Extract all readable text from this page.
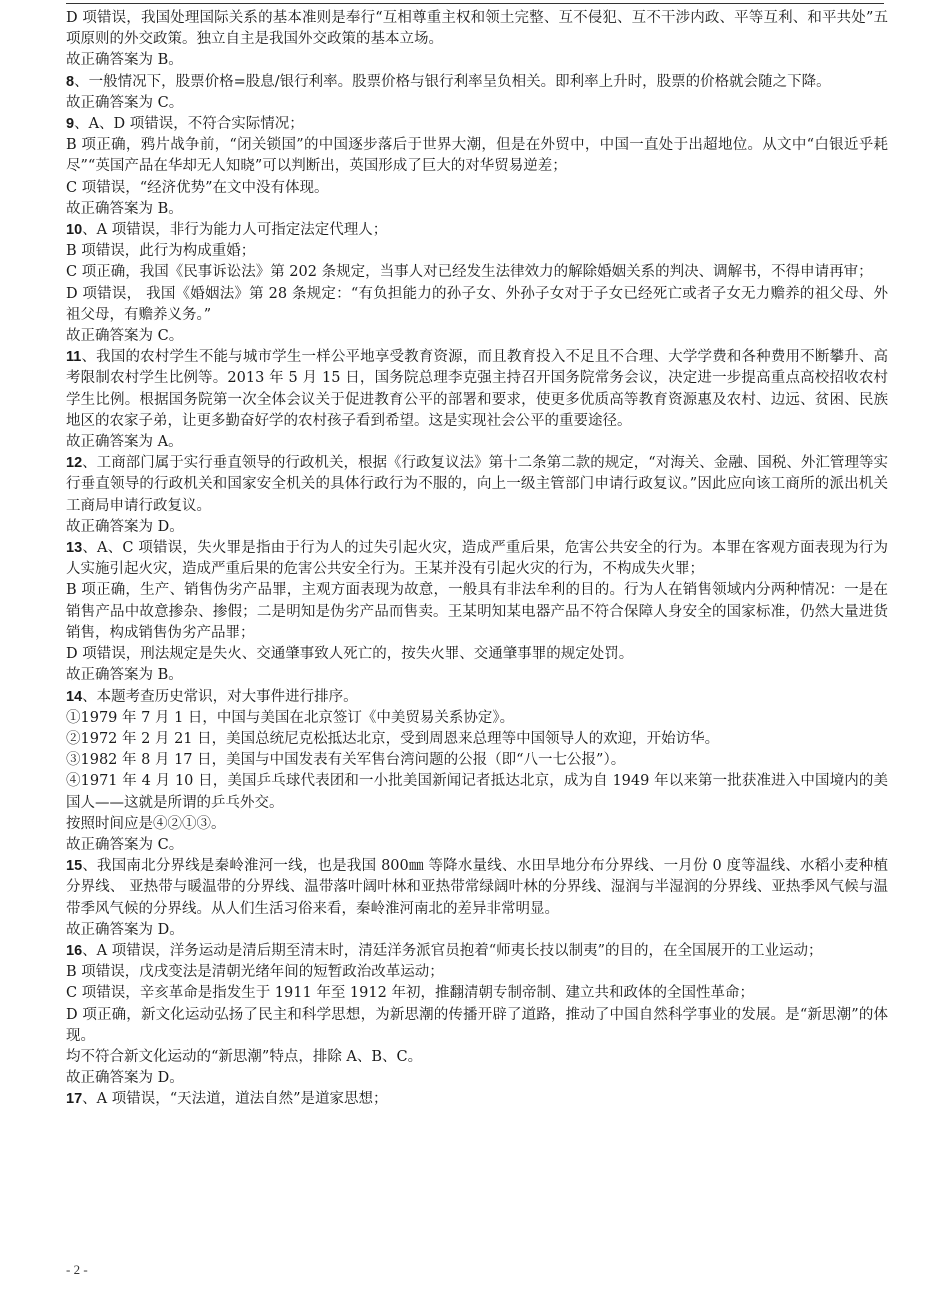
D 项错误，我国处理国际关系的基本准则是奉行“互相尊重主权和领土完整、互不侵犯、互不干涉内政、平等互利、和平共处”五项原则的外交政策。独立自主是我国外交政策的基本立场。

故正确答案为 B。

8、一般情况下，股票价格=股息/银行利率。股票价格与银行利率呈负相关。即利率上升时，股票的价格就会随之下降。

故正确答案为 C。

9、A、D 项错误，不符合实际情况；

B 项正确，鸦片战争前，“闭关锁国”的中国逐步落后于世界大潮，但是在外贸中，中国一直处于出超地位。从文中“白银近乎耗尽”“英国产品在华却无人知晓”可以判断出，英国形成了巨大的对华贸易逆差；

C 项错误，“经济优势”在文中没有体现。

故正确答案为 B。

10、A 项错误，非行为能力人可指定法定代理人；

B 项错误，此行为构成重婚；

C 项正确，我国《民事诉讼法》第 202 条规定，当事人对已经发生法律效力的解除婚姻关系的判决、调解书，不得申请再审；

D 项错误， 我国《婚姻法》第 28 条规定：“有负担能力的孙子女、外孙子女对于子女已经死亡或者子女无力赡养的祖父母、外祖父母，有赡养义务。”

故正确答案为 C。

11、我国的农村学生不能与城市学生一样公平地享受教育资源，而且教育投入不足且不合理、大学学费和各种费用不断攀升、高考限制农村学生比例等。2013 年 5 月 15 日，国务院总理李克强主持召开国务院常务会议，决定进一步提高重点高校招收农村学生比例。根据国务院第一次全体会议关于促进教育公平的部署和要求，使更多优质高等教育资源惠及农村、边远、贫困、民族地区的农家子弟，让更多勤奋好学的农村孩子看到希望。这是实现社会公平的重要途径。

故正确答案为 A。

12、工商部门属于实行垂直领导的行政机关，根据《行政复议法》第十二条第二款的规定，“对海关、金融、国税、外汇管理等实行垂直领导的行政机关和国家安全机关的具体行政行为不服的，向上一级主管部门申请行政复议。”因此应向该工商所的派出机关工商局申请行政复议。

故正确答案为 D。

13、A、C 项错误，失火罪是指由于行为人的过失引起火灾，造成严重后果，危害公共安全的行为。本罪在客观方面表现为行为人实施引起火灾，造成严重后果的危害公共安全行为。王某并没有引起火灾的行为，不构成失火罪；

B 项正确，生产、销售伪劣产品罪，主观方面表现为故意，一般具有非法牟利的目的。行为人在销售领域内分两种情况：一是在销售产品中故意掺杂、掺假；二是明知是伪劣产品而售卖。王某明知某电器产品不符合保障人身安全的国家标准，仍然大量进货销售，构成销售伪劣产品罪；

D 项错误，刑法规定是失火、交通肇事致人死亡的，按失火罪、交通肇事罪的规定处罚。

故正确答案为 B。

14、本题考查历史常识，对大事件进行排序。

①1979 年 7 月 1 日，中国与美国在北京签订《中美贸易关系协定》。

②1972 年 2 月 21 日，美国总统尼克松抵达北京，受到周恩来总理等中国领导人的欢迎，开始访华。

③1982 年 8 月 17 日，美国与中国发表有关军售台湾问题的公报（即“八一七公报”）。

④1971 年 4 月 10 日，美国乒乓球代表团和一小批美国新闻记者抵达北京，成为自 1949 年以来第一批获准进入中国境内的美国人——这就是所谓的乒乓外交。

按照时间应是④②①③。

故正确答案为 C。

15、我国南北分界线是秦岭淮河一线，也是我国 800㎜ 等降水量线、水田旱地分布分界线、一月份 0 度等温线、水稻小麦种植分界线、 亚热带与暖温带的分界线、温带落叶阔叶林和亚热带常绿阔叶林的分界线、湿润与半湿润的分界线、亚热季风气候与温带季风气候的分界线。从人们生活习俗来看，秦岭淮河南北的差异非常明显。

故正确答案为 D。

16、A 项错误，洋务运动是清后期至清末时，清廷洋务派官员抱着“师夷长技以制夷”的目的，在全国展开的工业运动；

B 项错误，戊戌变法是清朝光绪年间的短暂政治改革运动；

C 项错误，辛亥革命是指发生于 1911 年至 1912 年初，推翻清朝专制帝制、建立共和政体的全国性革命；

D 项正确，新文化运动弘扬了民主和科学思想，为新思潮的传播开辟了道路，推动了中国自然科学事业的发展。是“新思潮”的体现。

均不符合新文化运动的“新思潮”特点，排除 A、B、C。

故正确答案为 D。

17、A 项错误，“天法道，道法自然”是道家思想；

- 2 -
